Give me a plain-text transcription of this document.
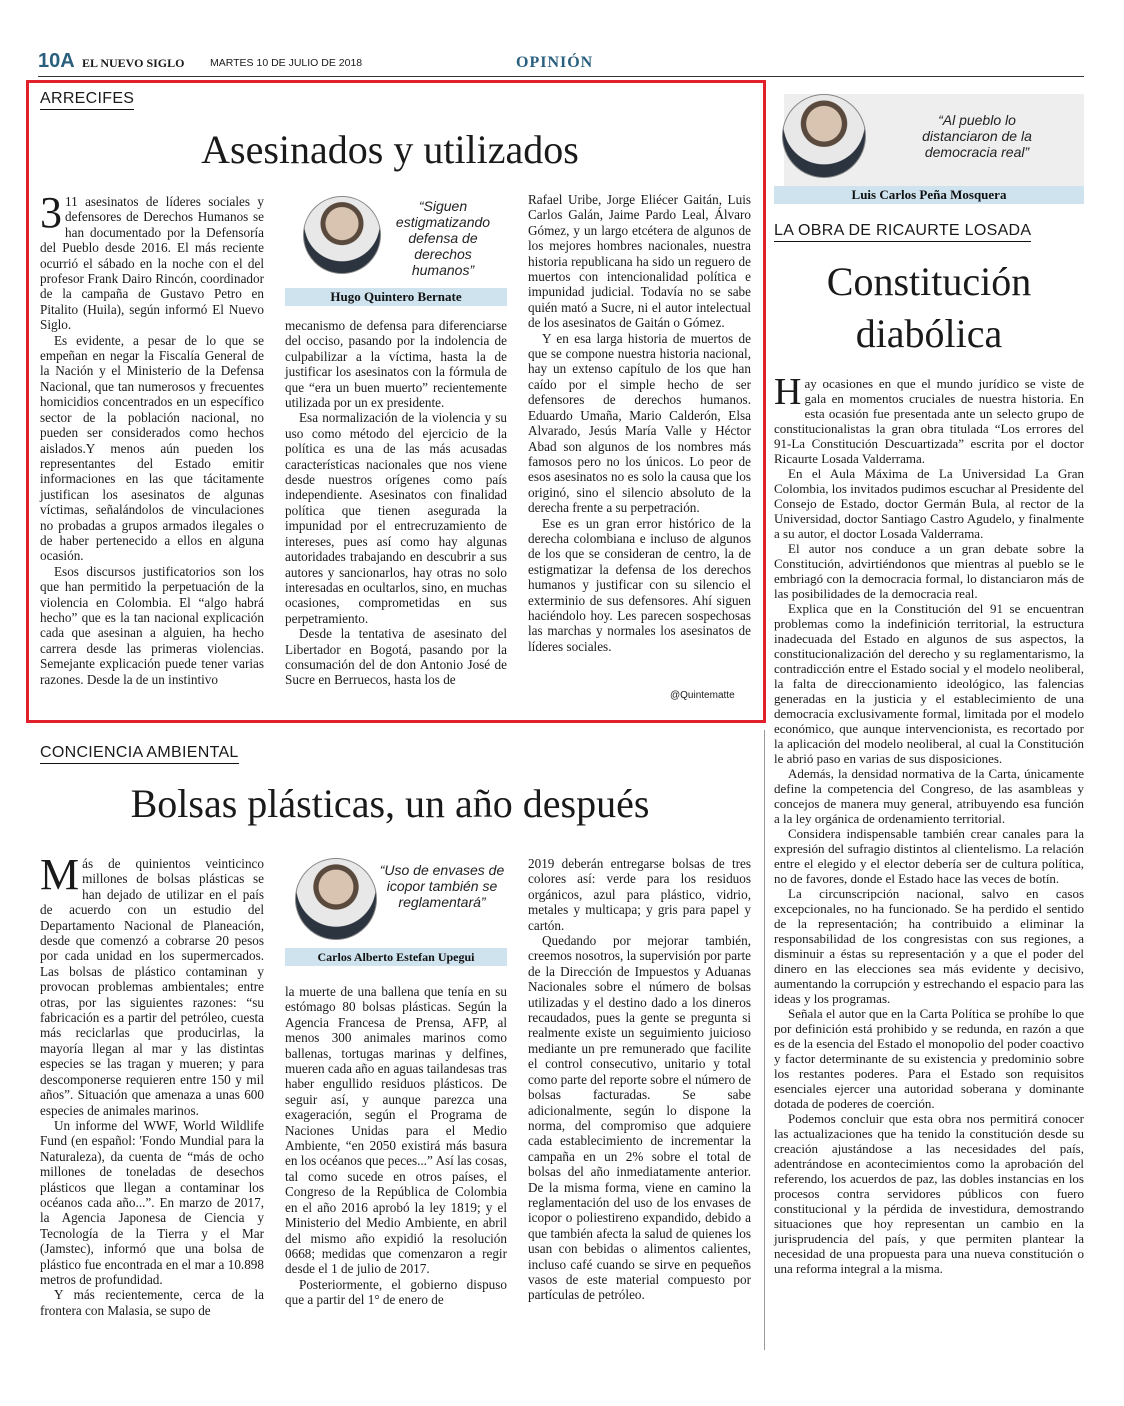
10A EL NUEVO SIGLO MARTES 10 DE JULIO DE 2018	OPINIÓN
ARRECIFES
Asesinados y utilizados

3 11 asesinatos de líderes sociales y defensores de Derechos Humanos se han documentado por la Defensoría del Pueblo desde 2016. El más reciente ocurrió el sábado en la noche con el del profesor Frank Dairo Rincón, coordinador de la campaña de Gustavo Petro en Pitalito (Huila), según informó El Nuevo Siglo.

Es evidente, a pesar de lo que se empeñan en negar la Fiscalía General de la Nación y el Ministerio de la Defensa Nacional, que tan numerosos y frecuentes homicidios concentrados en un específico sector de la población nacional, no pueden ser considerados como hechos aislados.Y menos aún pueden los representantes del Estado emitir informaciones en las que tácitamente justifican los asesinatos de algunas víctimas, señalándolos de vinculaciones no probadas a grupos armados ilegales o de haber pertenecido a ellos en alguna ocasión.

Esos discursos justificatorios son los que han permitido la perpetuación de la violencia en Colombia. El “algo habrá hecho” que es la tan nacional explicación cada que asesinan a alguien, ha hecho carrera desde las primeras violencias. Semejante explicación puede tener varias razones. Desde la de un instintivo

“Siguen estigmatizando defensa de derechos humanos”
Hugo Quintero Bernate

mecanismo de defensa para diferenciarse del occiso, pasando por la indolencia de culpabilizar a la víctima, hasta la de justificar los asesinatos con la fórmula de que “era un buen muerto” recientemente utilizada por un ex presidente.

Esa normalización de la violencia y su uso como método del ejercicio de la política es una de las más acusadas características nacionales que nos viene desde nuestros orígenes como país independiente. Asesinatos con finalidad política que tienen asegurada la impunidad por el entrecruzamiento de intereses, pues así como hay algunas autoridades trabajando en descubrir a sus autores y sancionarlos, hay otras no solo interesadas en ocultarlos, sino, en muchas ocasiones, comprometidas en sus perpetramiento.

Desde la tentativa de asesinato del Libertador en Bogotá, pasando por la consumación del de don Antonio José de Sucre en Berruecos, hasta los de

Rafael Uribe, Jorge Eliécer Gaitán, Luis Carlos Galán, Jaime Pardo Leal, Álvaro Gómez, y un largo etcétera de algunos de los mejores hombres nacionales, nuestra historia republicana ha sido un reguero de muertos con intencionalidad política e impunidad judicial. Todavía no se sabe quién mató a Sucre, ni el autor intelectual de los asesinatos de Gaitán o Gómez.

Y en esa larga historia de muertos de que se compone nuestra historia nacional, hay un extenso capítulo de los que han caído por el simple hecho de ser defensores de derechos humanos. Eduardo Umaña, Mario Calderón, Elsa Alvarado, Jesús María Valle y Héctor Abad son algunos de los nombres más famosos pero no los únicos. Lo peor de esos asesinatos no es solo la causa que los originó, sino el silencio absoluto de la derecha frente a su perpetración.

Ese es un gran error histórico de la derecha colombiana e incluso de algunos de los que se consideran de centro, la de estigmatizar la defensa de los derechos humanos y justificar con su silencio el exterminio de sus defensores. Ahí siguen haciéndolo hoy. Les parecen sospechosas las marchas y normales los asesinatos de líderes sociales.

@Quintematte
“Al pueblo lo distanciaron de la democracia real”
Luis Carlos Peña Mosquera
LA OBRA DE RICAURTE LOSADA
Constitución
diabólica

Hay ocasiones en que el mundo jurídico se viste de gala en momentos cruciales de nuestra historia. En esta ocasión fue presentada ante un selecto grupo de constitucionalistas la gran obra titulada “Los errores del 91-La Constitución Descuartizada” escrita por el doctor Ricaurte Losada Valderrama.

En el Aula Máxima de La Universidad La Gran Colombia, los invitados pudimos escuchar al Presidente del Consejo de Estado, doctor Germán Bula, al rector de la Universidad, doctor Santiago Castro Agudelo, y finalmente a su autor, el doctor Losada Valderrama.

El autor nos conduce a un gran debate sobre la Constitución, advirtiéndonos que mientras al pueblo se le embriagó con la democracia formal, lo distanciaron más de las posibilidades de la democracia real.

Explica que en la Constitución del 91 se encuentran problemas como la indefinición territorial, la estructura inadecuada del Estado en algunos de sus aspectos, la constitucionalización del derecho y su reglamentarismo, la contradicción entre el Estado social y el modelo neoliberal, la falta de direccionamiento ideológico, las falencias generadas en la justicia y el establecimiento de una democracia exclusivamente formal, limitada por el modelo económico, que aunque intervencionista, es recortado por la aplicación del modelo neoliberal, al cual la Constitución le abrió paso en varias de sus disposiciones.

Además, la densidad normativa de la Carta, únicamente define la competencia del Congreso, de las asambleas y concejos de manera muy general, atribuyendo esa función a la ley orgánica de ordenamiento territorial.

Considera indispensable también crear canales para la expresión del sufragio distintos al clientelismo. La relación entre el elegido y el elector debería ser de cultura política, no de favores, donde el Estado hace las veces de botín.

La circunscripción nacional, salvo en casos excepcionales, no ha funcionado. Se ha perdido el sentido de la representación; ha contribuido a eliminar la responsabilidad de los congresistas con sus regiones, a disminuir a éstas su representación y a que el poder del dinero en las elecciones sea más evidente y decisivo, aumentando la corrupción y estrechando el espacio para las ideas y los programas.

Señala el autor que en la Carta Política se prohíbe lo que por definición está prohibido y se redunda, en razón a que es de la esencia del Estado el monopolio del poder coactivo y factor determinante de su existencia y predominio sobre los restantes poderes. Para el Estado son requisitos esenciales ejercer una autoridad soberana y dominante dotada de poderes de coerción.

Podemos concluir que esta obra nos permitirá conocer las actualizaciones que ha tenido la constitución desde su creación ajustándose a las necesidades del país, adentrándose en acontecimientos como la aprobación del referendo, los acuerdos de paz, las dobles instancias en los procesos contra servidores públicos con fuero constitucional y la pérdida de investidura, demostrando situaciones que hoy representan un cambio en la jurisprudencia del país, y que permiten plantear la necesidad de una propuesta para una nueva constitución o una reforma integral a la misma.

CONCIENCIA AMBIENTAL
Bolsas plásticas, un año después

Más de quinientos veinticinco millones de bolsas plásticas se han dejado de utilizar en el país de acuerdo con un estudio del Departamento Nacional de Planeación, desde que comenzó a cobrarse 20 pesos por cada unidad en los supermercados. Las bolsas de plástico contaminan y provocan problemas ambientales; entre otras, por las siguientes razones: “su fabricación es a partir del petróleo, cuesta más reciclarlas que producirlas, la mayoría llegan al mar y las distintas especies se las tragan y mueren; y para descomponerse requieren entre 150 y mil años”. Situación que amenaza a unas 600 especies de animales marinos.

Un informe del WWF, World Wildlife Fund (en español: 'Fondo Mundial para la Naturaleza), da cuenta de “más de ocho millones de toneladas de desechos plásticos que llegan a contaminar los océanos cada año...”. En marzo de 2017, la Agencia Japonesa de Ciencia y Tecnología de la Tierra y el Mar (Jamstec), informó que una bolsa de plástico fue encontrada en el mar a 10.898 metros de profundidad.

Y más recientemente, cerca de la frontera con Malasia, se supo de

“Uso de envases de icopor también se reglamentará”
Carlos Alberto Estefan Upegui

la muerte de una ballena que tenía en su estómago 80 bolsas plásticas. Según la Agencia Francesa de Prensa, AFP, al menos 300 animales marinos como ballenas, tortugas marinas y delfines, mueren cada año en aguas tailandesas tras haber engullido residuos plásticos. De seguir así, y aunque parezca una exageración, según el Programa de Naciones Unidas para el Medio Ambiente, “en 2050 existirá más basura en los océanos que peces...” Así las cosas, tal como sucede en otros países, el Congreso de la República de Colombia en el año 2016 aprobó la ley 1819; y el Ministerio del Medio Ambiente, en abril del mismo año expidió la resolución 0668; medidas que comenzaron a regir desde el 1 de julio de 2017.

Posteriormente, el gobierno dispuso que a partir del 1° de enero de

2019 deberán entregarse bolsas de tres colores así: verde para los residuos orgánicos, azul para plástico, vidrio, metales y multicapa; y gris para papel y cartón.

Quedando por mejorar también, creemos nosotros, la supervisión por parte de la Dirección de Impuestos y Aduanas Nacionales sobre el número de bolsas utilizadas y el destino dado a los dineros recaudados, pues la gente se pregunta si realmente existe un seguimiento juicioso mediante un pre remunerado que facilite el control consecutivo, unitario y total como parte del reporte sobre el número de bolsas facturadas. Se sabe adicionalmente, según lo dispone la norma, del compromiso que adquiere cada establecimiento de incrementar la campaña en un 2% sobre el total de bolsas del año inmediatamente anterior. De la misma forma, viene en camino la reglamentación del uso de los envases de icopor o poliestireno expandido, debido a que también afecta la salud de quienes los usan con bebidas o alimentos calientes, incluso café cuando se sirve en pequeños vasos de este material compuesto por partículas de petróleo.
